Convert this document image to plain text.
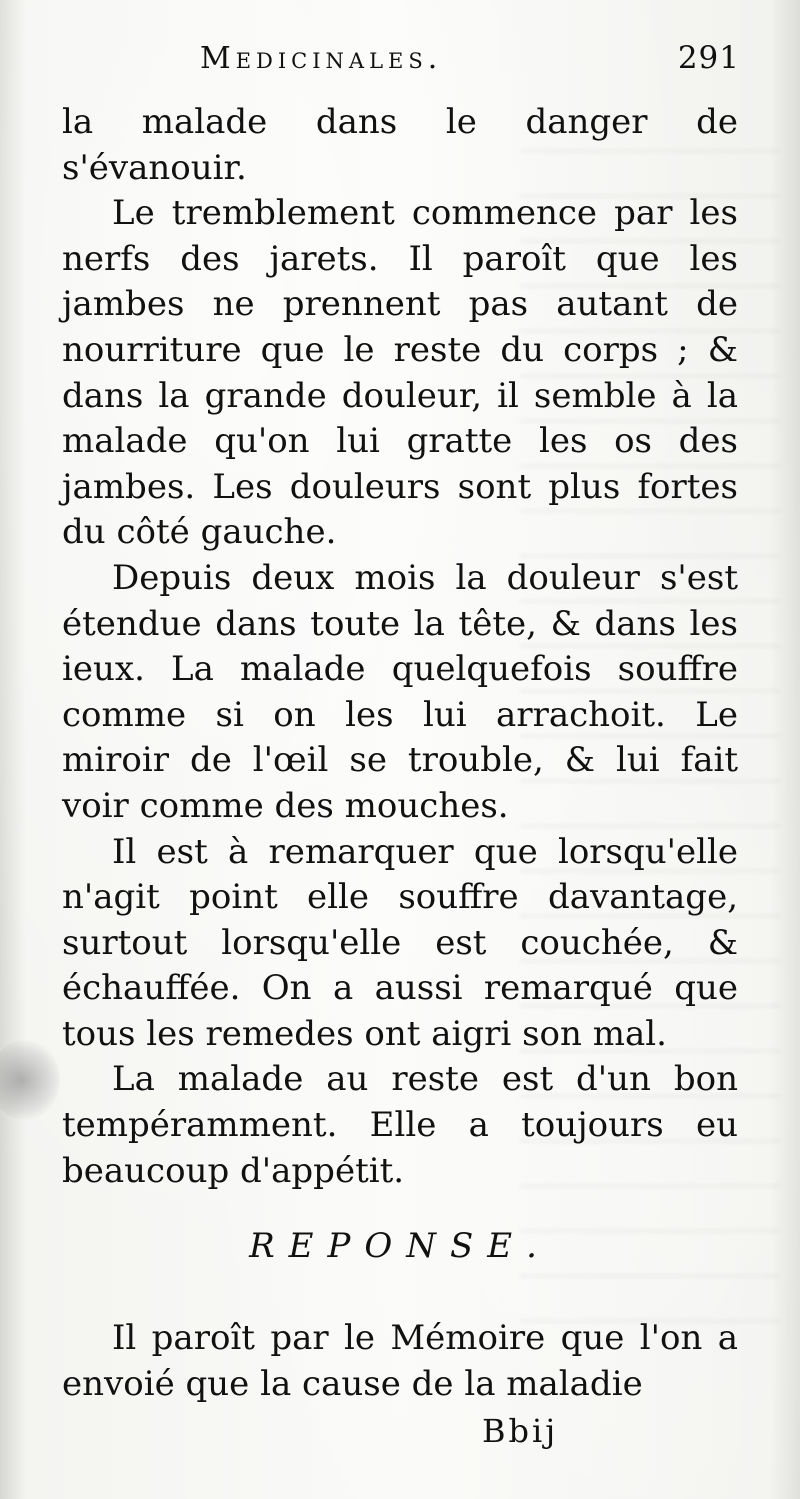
Medicinales.	291

la malade dans le danger de s'évanouir.

Le tremblement commence par les nerfs des jarets. Il paroît que les jambes ne prennent pas autant de nourriture que le reste du corps ; & dans la grande douleur, il semble à la malade qu'on lui gratte les os des jambes. Les douleurs sont plus fortes du côté gauche.

Depuis deux mois la douleur s'est étendue dans toute la tête, & dans les ieux. La malade quelquefois souffre comme si on les lui arrachoit. Le miroir de l'œil se trouble, & lui fait voir comme des mouches.

Il est à remarquer que lorsqu'elle n'agit point elle souffre davantage, surtout lorsqu'elle est couchée, & échauffée. On a aussi remarqué que tous les remedes ont aigri son mal.

La malade au reste est d'un bon tempéramment. Elle a toujours eu beaucoup d'appétit.

REPONSE.
Il paroît par le Mémoire que l'on a envoié que la cause de la maladie
Bbij
